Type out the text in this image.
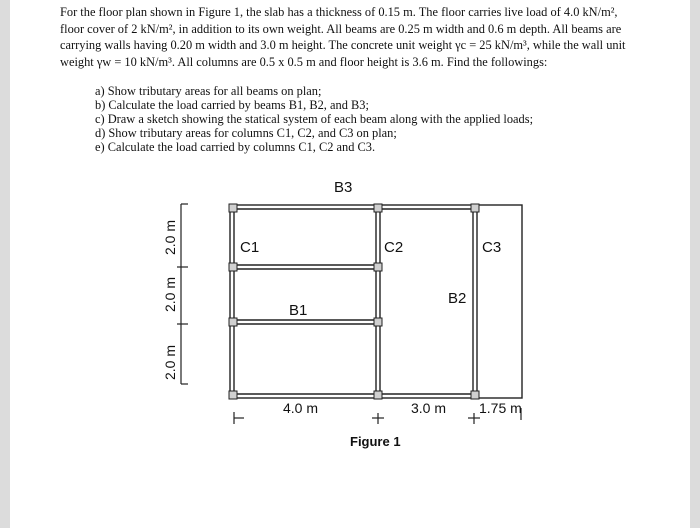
For the floor plan shown in Figure 1, the slab has a thickness of 0.15 m. The floor carries live load of 4.0 kN/m²,

floor cover of 2 kN/m², in addition to its own weight. All beams are 0.25 m width and 0.6 m depth. All beams are

carrying walls having 0.20 m width and 3.0 m height. The concrete unit weight γc = 25 kN/m³, while the wall unit

weight γw = 10 kN/m³. All columns are 0.5 x 0.5 m and floor height is 3.6 m. Find the followings:

a) Show tributary areas for all beams on plan;
b) Calculate the load carried by beams B1, B2, and B3;
c) Draw a sketch showing the statical system of each beam along with the applied loads;
d) Show tributary areas for columns C1, C2, and C3 on plan;
e) Calculate the load carried by columns C1, C2 and C3.
B3
B1
B2
C1	C2	C3
2.0 m
2.0 m
2.0 m
4.0 m	3.0 m 1.75 m
Figure 1
